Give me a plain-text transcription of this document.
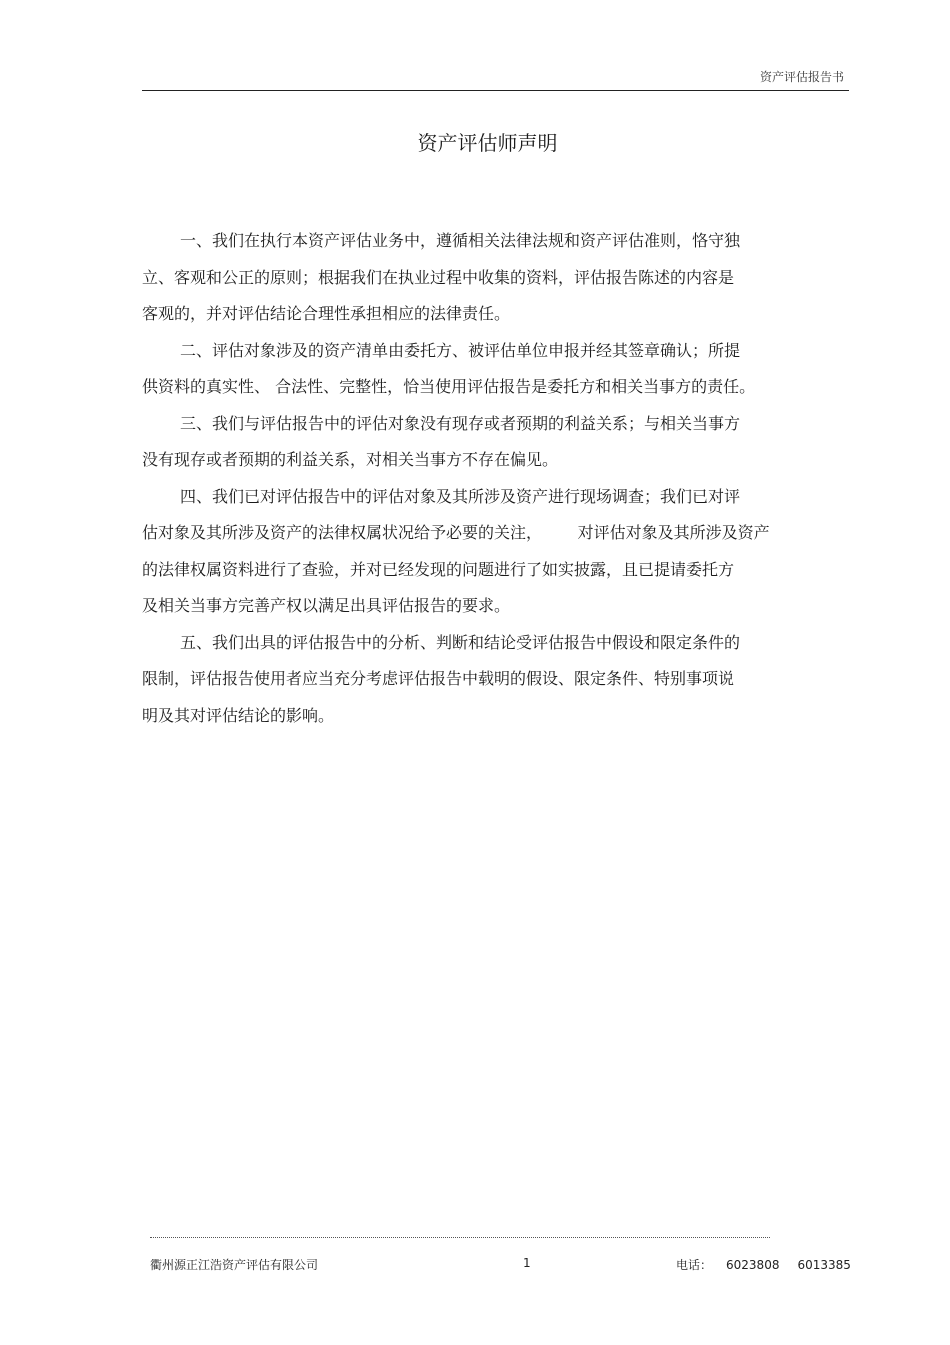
资产评估报告书
资产评估师声明
一、我们在执行本资产评估业务中，遵循相关法律法规和资产评估准则，恪守独
立、客观和公正的原则；根据我们在执业过程中收集的资料，评估报告陈述的内容是
客观的，并对评估结论合理性承担相应的法律责任。
二、评估对象涉及的资产清单由委托方、被评估单位申报并经其签章确认；所提
供资料的真实性、 合法性、完整性，恰当使用评估报告是委托方和相关当事方的责任。
三、我们与评估报告中的评估对象没有现存或者预期的利益关系；与相关当事方
没有现存或者预期的利益关系，对相关当事方不存在偏见。
四、我们已对评估报告中的评估对象及其所涉及资产进行现场调查；我们已对评
估对象及其所涉及资产的法律权属状况给予必要的关注，       对评估对象及其所涉及资产
的法律权属资料进行了查验，并对已经发现的问题进行了如实披露，且已提请委托方
及相关当事方完善产权以满足出具评估报告的要求。
五、我们出具的评估报告中的分析、判断和结论受评估报告中假设和限定条件的
限制，评估报告使用者应当充分考虑评估报告中载明的假设、限定条件、特别事项说
明及其对评估结论的影响。
衢州源正江浩资产评估有限公司	1	电话： 6023808 6013385
